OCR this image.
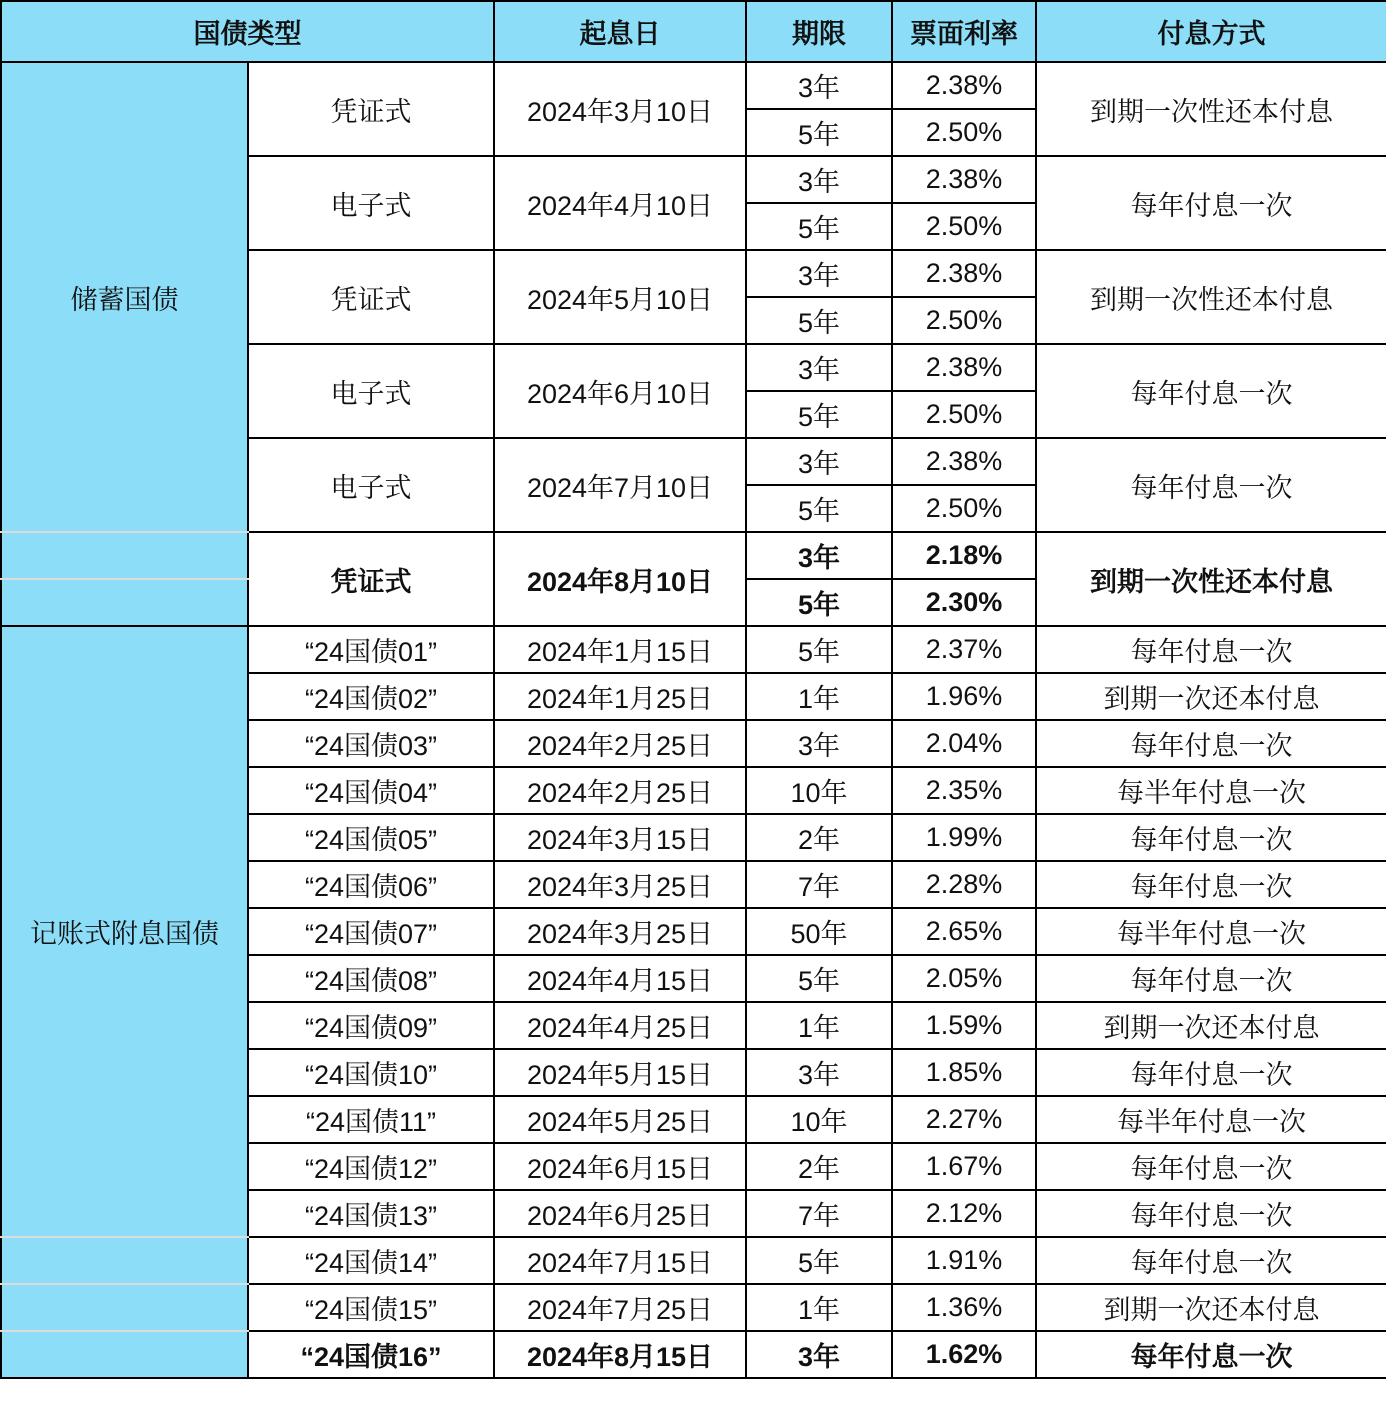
国债类型		起息日	期限	票面利率	付息方式
储蓄国债	凭证式	2024年3月10日	3年	2.38%	到期一次性还本付息
			5年	2.50%	
	电子式	2024年4月10日	3年	2.38%	每年付息一次
			5年	2.50%	
	凭证式	2024年5月10日	3年	2.38%	到期一次性还本付息
			5年	2.50%	
	电子式	2024年6月10日	3年	2.38%	每年付息一次
			5年	2.50%	
	电子式	2024年7月10日	3年	2.38%	每年付息一次
			5年	2.50%	
	凭证式	2024年8月10日	3年	2.18%	到期一次性还本付息
			5年	2.30%	
记账式附息国债	“24国债01”	2024年1月15日	5年	2.37%	每年付息一次
	“24国债02”	2024年1月25日	1年	1.96%	到期一次还本付息
	“24国债03”	2024年2月25日	3年	2.04%	每年付息一次
	“24国债04”	2024年2月25日	10年	2.35%	每半年付息一次
	“24国债05”	2024年3月15日	2年	1.99%	每年付息一次
	“24国债06”	2024年3月25日	7年	2.28%	每年付息一次
	“24国债07”	2024年3月25日	50年	2.65%	每半年付息一次
	“24国债08”	2024年4月15日	5年	2.05%	每年付息一次
	“24国债09”	2024年4月25日	1年	1.59%	到期一次还本付息
	“24国债10”	2024年5月15日	3年	1.85%	每年付息一次
	“24国债11”	2024年5月25日	10年	2.27%	每半年付息一次
	“24国债12”	2024年6月15日	2年	1.67%	每年付息一次
	“24国债13”	2024年6月25日	7年	2.12%	每年付息一次
	“24国债14”	2024年7月15日	5年	1.91%	每年付息一次
	“24国债15”	2024年7月25日	1年	1.36%	到期一次还本付息
	“24国债16”	2024年8月15日	3年	1.62%	每年付息一次
